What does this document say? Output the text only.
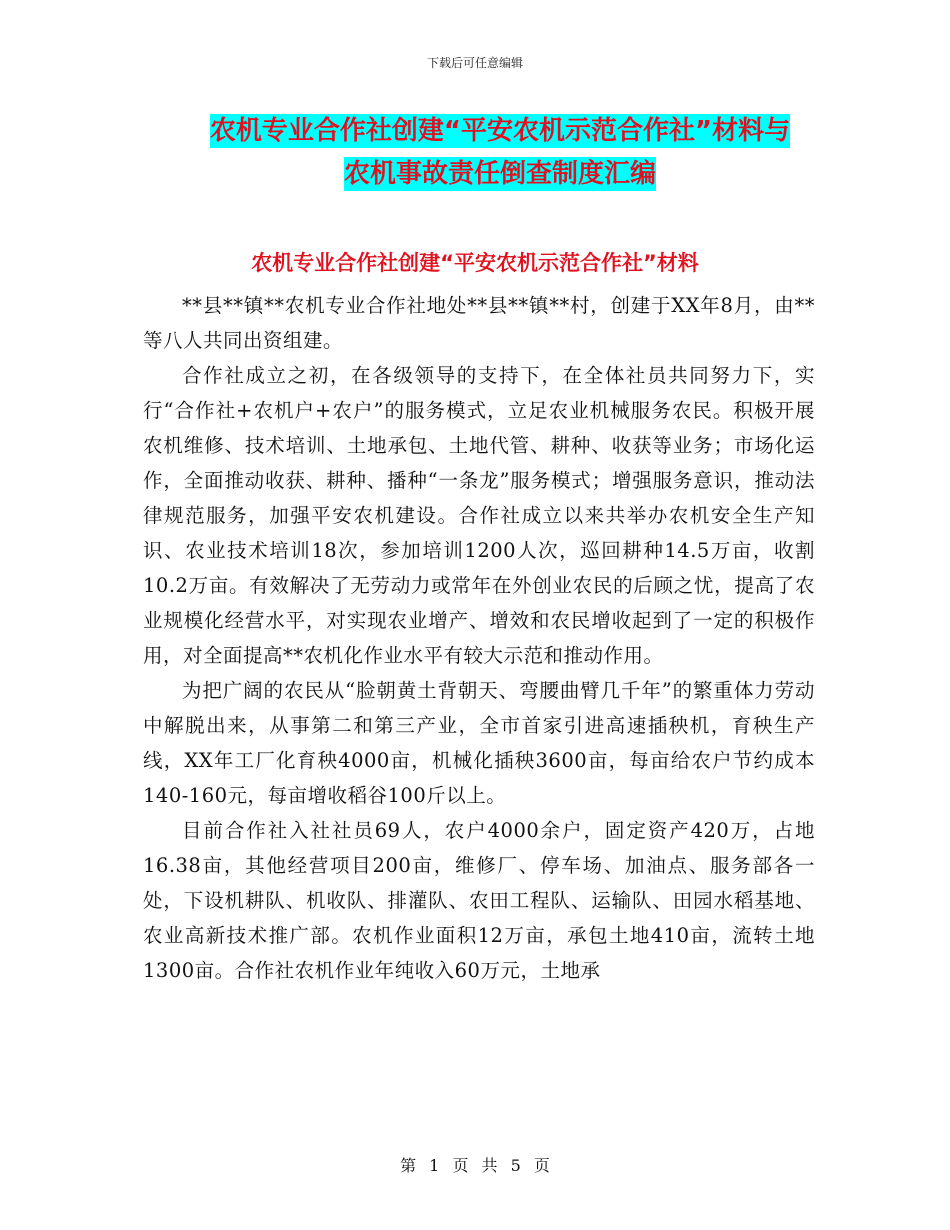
下载后可任意编辑
农机专业合作社创建“平安农机示范合作社”材料与
农机事故责任倒查制度汇编
农机专业合作社创建“平安农机示范合作社”材料

**县**镇**农机专业合作社地处**县**镇**村，创建于XX年8月，由**等八人共同出资组建。

合作社成立之初，在各级领导的支持下，在全体社员共同努力下，实行“合作社+农机户+农户”的服务模式，立足农业机械服务农民。积极开展农机维修、技术培训、土地承包、土地代管、耕种、收获等业务；市场化运作，全面推动收获、耕种、播种“一条龙”服务模式；增强服务意识，推动法律规范服务，加强平安农机建设。合作社成立以来共举办农机安全生产知识、农业技术培训18次，参加培训1200人次，巡回耕种14.5万亩，收割10.2万亩。有效解决了无劳动力或常年在外创业农民的后顾之忧，提高了农业规模化经营水平，对实现农业增产、增效和农民增收起到了一定的积极作用，对全面提高**农机化作业水平有较大示范和推动作用。

为把广阔的农民从“脸朝黄土背朝天、弯腰曲臂几千年”的繁重体力劳动中解脱出来，从事第二和第三产业，全市首家引进高速插秧机，育秧生产线，XX年工厂化育秧4000亩，机械化插秧3600亩，每亩给农户节约成本140-160元，每亩增收稻谷100斤以上。

目前合作社入社社员69人，农户4000余户，固定资产420万，占地16.38亩，其他经营项目200亩，维修厂、停车场、加油点、服务部各一处，下设机耕队、机收队、排灌队、农田工程队、运输队、田园水稻基地、农业高新技术推广部。农机作业面积12万亩，承包土地410亩，流转土地1300亩。合作社农机作业年纯收入60万元，土地承

第 1 页 共 5 页
